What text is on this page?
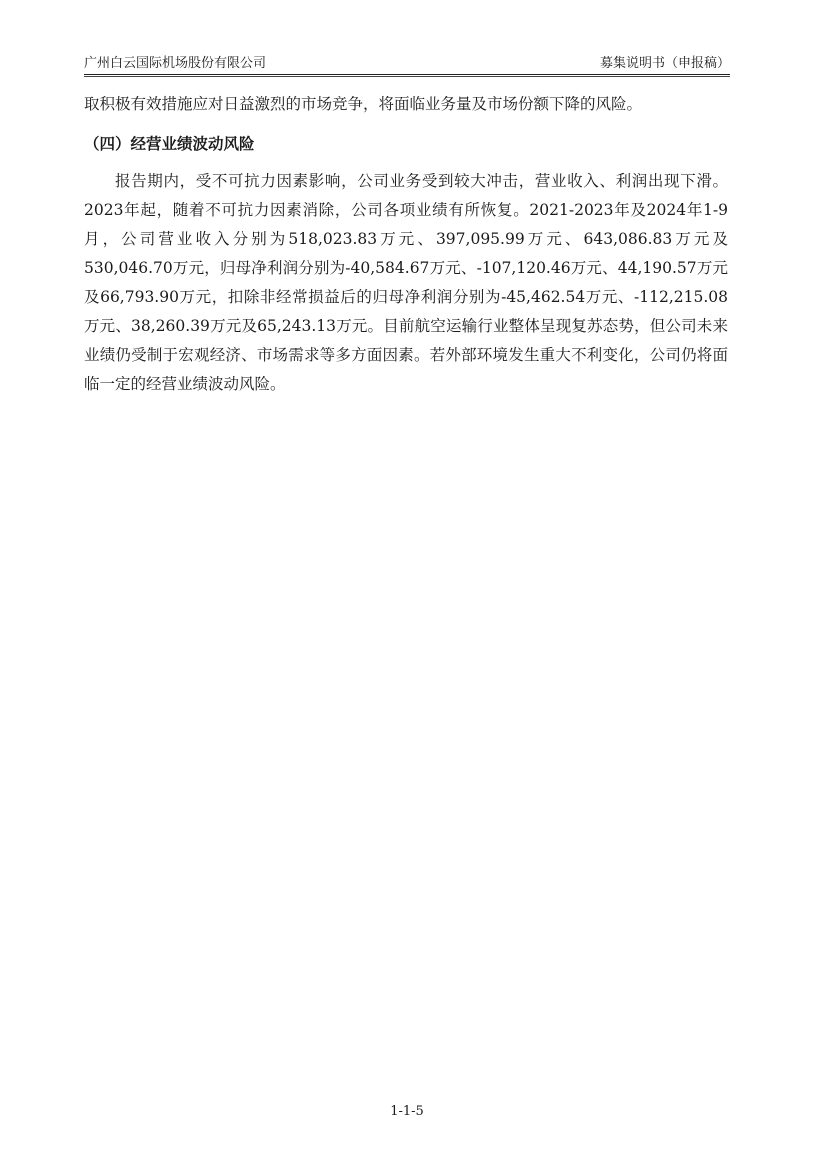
广州白云国际机场股份有限公司	募集说明书（申报稿）

取积极有效措施应对日益激烈的市场竞争，将面临业务量及市场份额下降的风险。

（四）经营业绩波动风险

报告期内，受不可抗力因素影响，公司业务受到较大冲击，营业收入、利润出现下滑。2023年起，随着不可抗力因素消除，公司各项业绩有所恢复。2021-2023年及2024年1-9月，公司营业收入分别为518,023.83万元、397,095.99万元、643,086.83万元及530,046.70万元，归母净利润分别为-40,584.67万元、-107,120.46万元、44,190.57万元及66,793.90万元，扣除非经常损益后的归母净利润分别为-45,462.54万元、-112,215.08万元、38,260.39万元及65,243.13万元。目前航空运输行业整体呈现复苏态势，但公司未来业绩仍受制于宏观经济、市场需求等多方面因素。若外部环境发生重大不利变化，公司仍将面临一定的经营业绩波动风险。

1-1-5
